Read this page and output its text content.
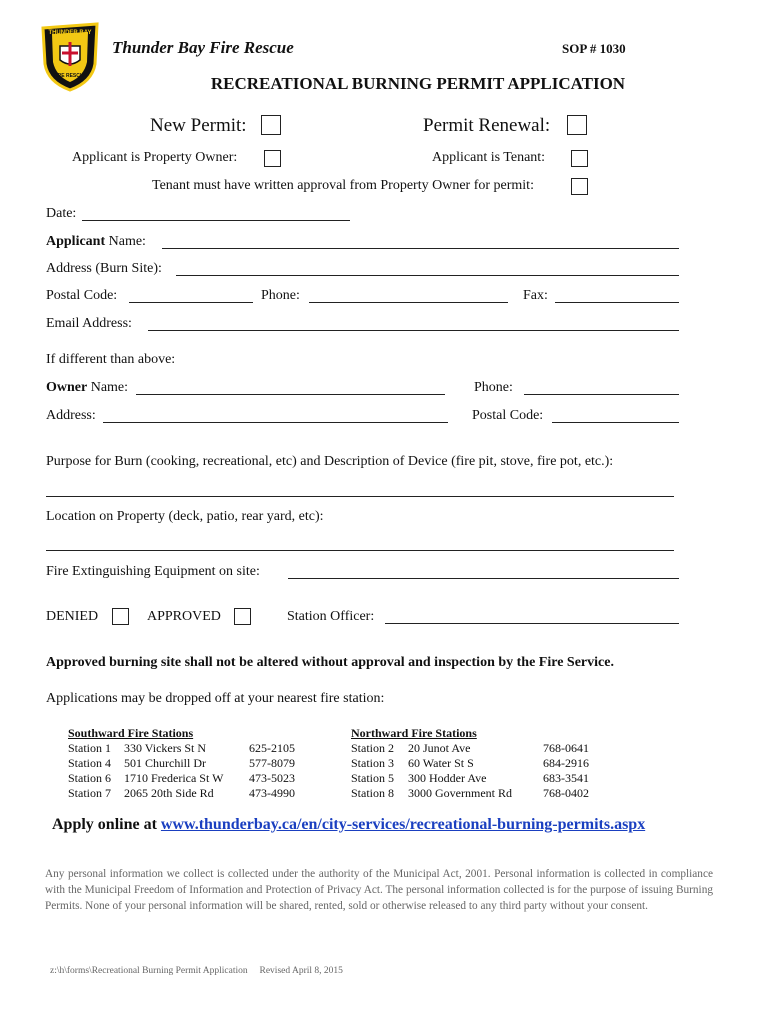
THUNDER BAY
FIRE RESCUE
Thunder Bay Fire Rescue	SOP # 1030
RECREATIONAL BURNING PERMIT APPLICATION
New Permit:	Permit Renewal:
Applicant is Property Owner:	Applicant is Tenant:
Tenant must have written approval from Property Owner for permit:
Date:
Applicant Name:
Address (Burn Site):
Postal Code:	Phone:	Fax:
Email Address:
If different than above:
Owner Name:	Phone:
Address:	Postal Code:
Purpose for Burn (cooking, recreational, etc) and Description of Device (fire pit, stove, fire pot, etc.):
Location on Property (deck, patio, rear yard, etc):
Fire Extinguishing Equipment on site:
DENIED	APPROVED	Station Officer:
Approved burning site shall not be altered without approval and inspection by the Fire Service.
Applications may be dropped off at your nearest fire station:
Southward Fire Stations	Northward Fire Stations
Station 1 330 Vickers St N	625-2105
Station 4 501 Churchill Dr	577-8079
Station 6 1710 Frederica St W 473-5023
Station 7 2065 20th Side Rd	473-4990
Station 2 20 Junot Ave	768-0641
Station 3 60 Water St S	684-2916
Station 5 300 Hodder Ave	683-3541
Station 8 3000 Government Rd	768-0402
Apply online at www.thunderbay.ca/en/city-services/recreational-burning-permits.aspx
Any personal information we collect is collected under the authority of the Municipal Act, 2001. Personal information is collected in compliance with the Municipal Freedom of Information and Protection of Privacy Act. The personal information collected is for the purpose of issuing Burning Permits. None of your personal information will be shared, rented, sold or otherwise released to any third party without your consent.
z:\h\forms\Recreational Burning Permit Application Revised April 8, 2015
